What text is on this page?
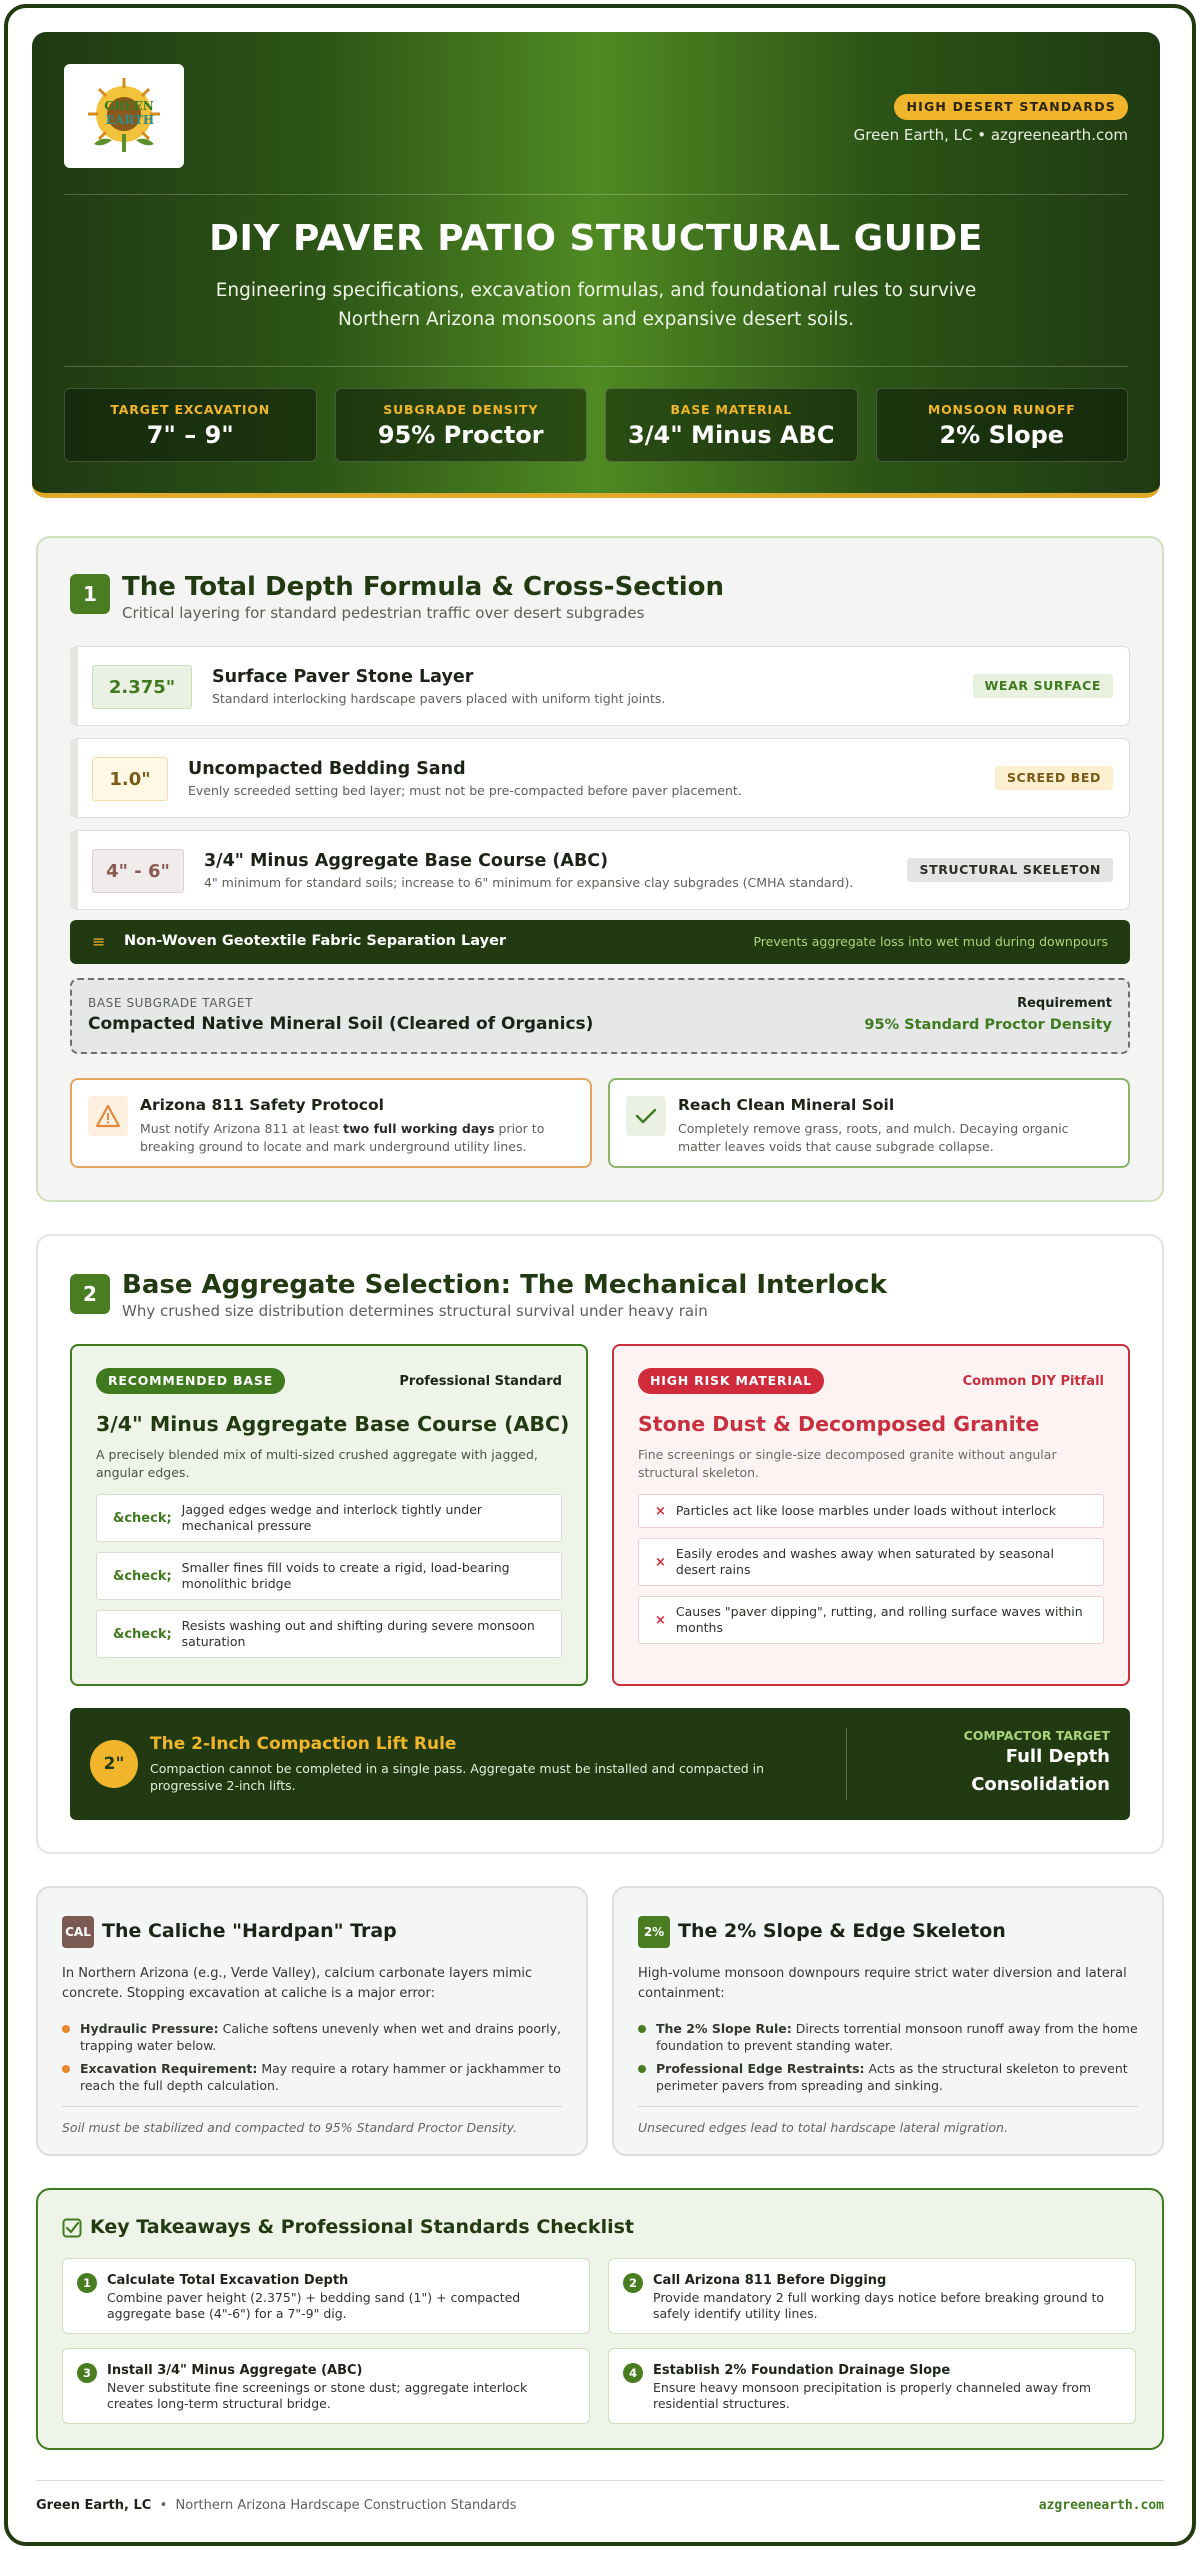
GREEN
EARTH
HIGH DESERT STANDARDS
Green Earth, LC • azgreenearth.com
DIY PAVER PATIO STRUCTURAL GUIDE

Engineering specifications, excavation formulas, and foundational rules to survive Northern Arizona monsoons and expansive desert soils.

TARGET EXCAVATION
7" – 9"
SUBGRADE DENSITY
95% Proctor
BASE MATERIAL
3/4" Minus ABC
MONSOON RUNOFF
2% Slope
1 The Total Depth Formula & Cross-Section
Critical layering for standard pedestrian traffic over desert subgrades
2.375"	Surface Paver Stone Layer
Standard interlocking hardscape pavers placed with uniform tight joints.
WEAR SURFACE
1.0"	Uncompacted Bedding Sand
Evenly screeded setting bed layer; must not be pre-compacted before paver placement.
SCREED BED
4" - 6"	3/4" Minus Aggregate Base Course (ABC)
4" minimum for standard soils; increase to 6" minimum for expansive clay subgrades (CMHA standard).
STRUCTURAL SKELETON
≡ Non-Woven Geotextile Fabric Separation Layer	Prevents aggregate loss into wet mud during downpours
BASE SUBGRADE TARGET
Compacted Native Mineral Soil (Cleared of Organics)
Requirement
95% Standard Proctor Density
Arizona 811 Safety Protocol
Must notify Arizona 811 at least two full working days prior to breaking ground to locate and mark underground utility lines.
Reach Clean Mineral Soil
Completely remove grass, roots, and mulch. Decaying organic matter leaves voids that cause subgrade collapse.
2 Base Aggregate Selection: The Mechanical Interlock
Why crushed size distribution determines structural survival under heavy rain
RECOMMENDED BASE	Professional Standard
3/4" Minus Aggregate Base Course (ABC)
A precisely blended mix of multi-sized crushed aggregate with jagged, angular edges.
&check;
Jagged edges wedge and interlock tightly under mechanical pressure
&check;
Smaller fines fill voids to create a rigid, load-bearing monolithic bridge
&check;
Resists washing out and shifting during severe monsoon saturation
HIGH RISK MATERIAL	Common DIY Pitfall
Stone Dust & Decomposed Granite
Fine screenings or single-size decomposed granite without angular structural skeleton.
× Particles act like loose marbles under loads without interlock
×
Easily erodes and washes away when saturated by seasonal desert rains
×
Causes "paver dipping", rutting, and rolling surface waves within months
2"
The 2-Inch Compaction Lift Rule
Compaction cannot be completed in a single pass. Aggregate must be installed and compacted in progressive 2-inch lifts.
COMPACTOR TARGET
Full Depth
Consolidation
CAL The Caliche "Hardpan" Trap

In Northern Arizona (e.g., Verde Valley), calcium carbonate layers mimic concrete. Stopping excavation at caliche is a major error:

Hydraulic Pressure: Caliche softens unevenly when wet and drains poorly, trapping water below.
Excavation Requirement: May require a rotary hammer or jackhammer to reach the full depth calculation.
Soil must be stabilized and compacted to 95% Standard Proctor Density.
2% The 2% Slope & Edge Skeleton

High-volume monsoon downpours require strict water diversion and lateral containment:

The 2% Slope Rule: Directs torrential monsoon runoff away from the home foundation to prevent standing water.
Professional Edge Restraints: Acts as the structural skeleton to prevent perimeter pavers from spreading and sinking.
Unsecured edges lead to total hardscape lateral migration.
Key Takeaways & Professional Standards Checklist
1	Calculate Total Excavation Depth
Combine paver height (2.375") + bedding sand (1") + compacted aggregate base (4"-6") for a 7"-9" dig.
2	Call Arizona 811 Before Digging
Provide mandatory 2 full working days notice before breaking ground to safely identify utility lines.
3	Install 3/4" Minus Aggregate (ABC)
Never substitute fine screenings or stone dust; aggregate interlock creates long-term structural bridge.
4	Establish 2% Foundation Drainage Slope
Ensure heavy monsoon precipitation is properly channeled away from residential structures.
Green Earth, LC • Northern Arizona Hardscape Construction Standards	azgreenearth.com
